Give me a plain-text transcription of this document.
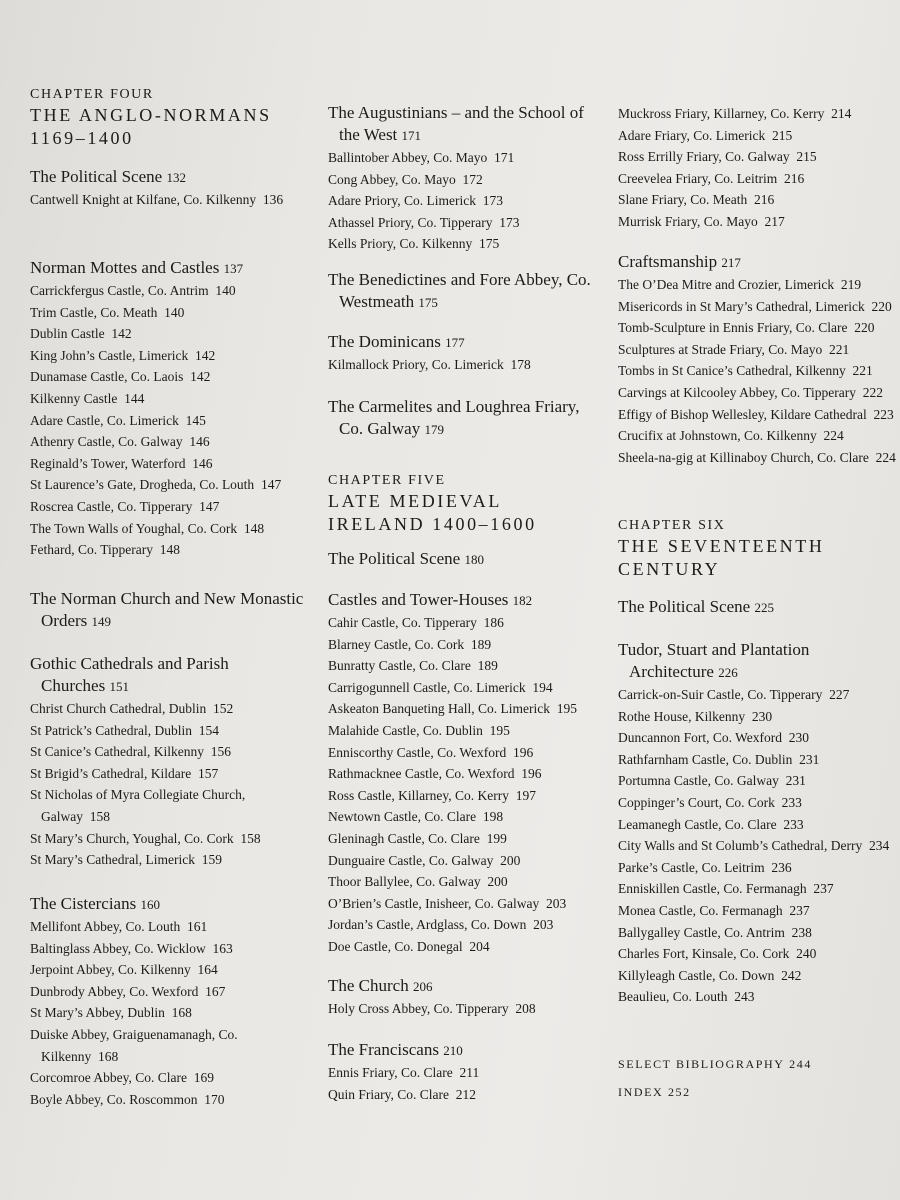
CHAPTER FOUR
THE ANGLO-NORMANS
1169–1400
The Political Scene 132
Cantwell Knight at Kilfane, Co. Kilkenny 136
Norman Mottes and Castles 137
Carrickfergus Castle, Co. Antrim 140
Trim Castle, Co. Meath 140
Dublin Castle 142
King John’s Castle, Limerick 142
Dunamase Castle, Co. Laois 142
Kilkenny Castle 144
Adare Castle, Co. Limerick 145
Athenry Castle, Co. Galway 146
Reginald’s Tower, Waterford 146
St Laurence’s Gate, Drogheda, Co. Louth 147
Roscrea Castle, Co. Tipperary 147
The Town Walls of Youghal, Co. Cork 148
Fethard, Co. Tipperary 148
The Norman Church and New Monastic Orders 149
Gothic Cathedrals and Parish Churches 151
Christ Church Cathedral, Dublin 152
St Patrick’s Cathedral, Dublin 154
St Canice’s Cathedral, Kilkenny 156
St Brigid’s Cathedral, Kildare 157
St Nicholas of Myra Collegiate Church, Galway 158
St Mary’s Church, Youghal, Co. Cork 158
St Mary’s Cathedral, Limerick 159
The Cistercians 160
Mellifont Abbey, Co. Louth 161
Baltinglass Abbey, Co. Wicklow 163
Jerpoint Abbey, Co. Kilkenny 164
Dunbrody Abbey, Co. Wexford 167
St Mary’s Abbey, Dublin 168
Duiske Abbey, Graiguenamanagh, Co. Kilkenny 168
Corcomroe Abbey, Co. Clare 169
Boyle Abbey, Co. Roscommon 170
The Augustinians – and the School of the West 171
Ballintober Abbey, Co. Mayo 171
Cong Abbey, Co. Mayo 172
Adare Priory, Co. Limerick 173
Athassel Priory, Co. Tipperary 173
Kells Priory, Co. Kilkenny 175
The Benedictines and Fore Abbey, Co. Westmeath 175
The Dominicans 177
Kilmallock Priory, Co. Limerick 178
The Carmelites and Loughrea Friary, Co. Galway 179
CHAPTER FIVE
LATE MEDIEVAL
IRELAND 1400–1600
The Political Scene 180
Castles and Tower-Houses 182
Cahir Castle, Co. Tipperary 186
Blarney Castle, Co. Cork 189
Bunratty Castle, Co. Clare 189
Carrigogunnell Castle, Co. Limerick 194
Askeaton Banqueting Hall, Co. Limerick 195
Malahide Castle, Co. Dublin 195
Enniscorthy Castle, Co. Wexford 196
Rathmacknee Castle, Co. Wexford 196
Ross Castle, Killarney, Co. Kerry 197
Newtown Castle, Co. Clare 198
Gleninagh Castle, Co. Clare 199
Dunguaire Castle, Co. Galway 200
Thoor Ballylee, Co. Galway 200
O’Brien’s Castle, Inisheer, Co. Galway 203
Jordan’s Castle, Ardglass, Co. Down 203
Doe Castle, Co. Donegal 204
The Church 206
Holy Cross Abbey, Co. Tipperary 208
The Franciscans 210
Ennis Friary, Co. Clare 211
Quin Friary, Co. Clare 212
Muckross Friary, Killarney, Co. Kerry 214
Adare Friary, Co. Limerick 215
Ross Errilly Friary, Co. Galway 215
Creevelea Friary, Co. Leitrim 216
Slane Friary, Co. Meath 216
Murrisk Friary, Co. Mayo 217
Craftsmanship 217
The O’Dea Mitre and Crozier, Limerick 219
Misericords in St Mary’s Cathedral, Limerick 220
Tomb-Sculpture in Ennis Friary, Co. Clare 220
Sculptures at Strade Friary, Co. Mayo 221
Tombs in St Canice’s Cathedral, Kilkenny 221
Carvings at Kilcooley Abbey, Co. Tipperary 222
Effigy of Bishop Wellesley, Kildare Cathedral 223
Crucifix at Johnstown, Co. Kilkenny 224
Sheela-na-gig at Killinaboy Church, Co. Clare 224
CHAPTER SIX
THE SEVENTEENTH
CENTURY
The Political Scene 225
Tudor, Stuart and Plantation Architecture 226
Carrick-on-Suir Castle, Co. Tipperary 227
Rothe House, Kilkenny 230
Duncannon Fort, Co. Wexford 230
Rathfarnham Castle, Co. Dublin 231
Portumna Castle, Co. Galway 231
Coppinger’s Court, Co. Cork 233
Leamanegh Castle, Co. Clare 233
City Walls and St Columb’s Cathedral, Derry 234
Parke’s Castle, Co. Leitrim 236
Enniskillen Castle, Co. Fermanagh 237
Monea Castle, Co. Fermanagh 237
Ballygalley Castle, Co. Antrim 238
Charles Fort, Kinsale, Co. Cork 240
Killyleagh Castle, Co. Down 242
Beaulieu, Co. Louth 243
SELECT BIBLIOGRAPHY 244
INDEX 252
